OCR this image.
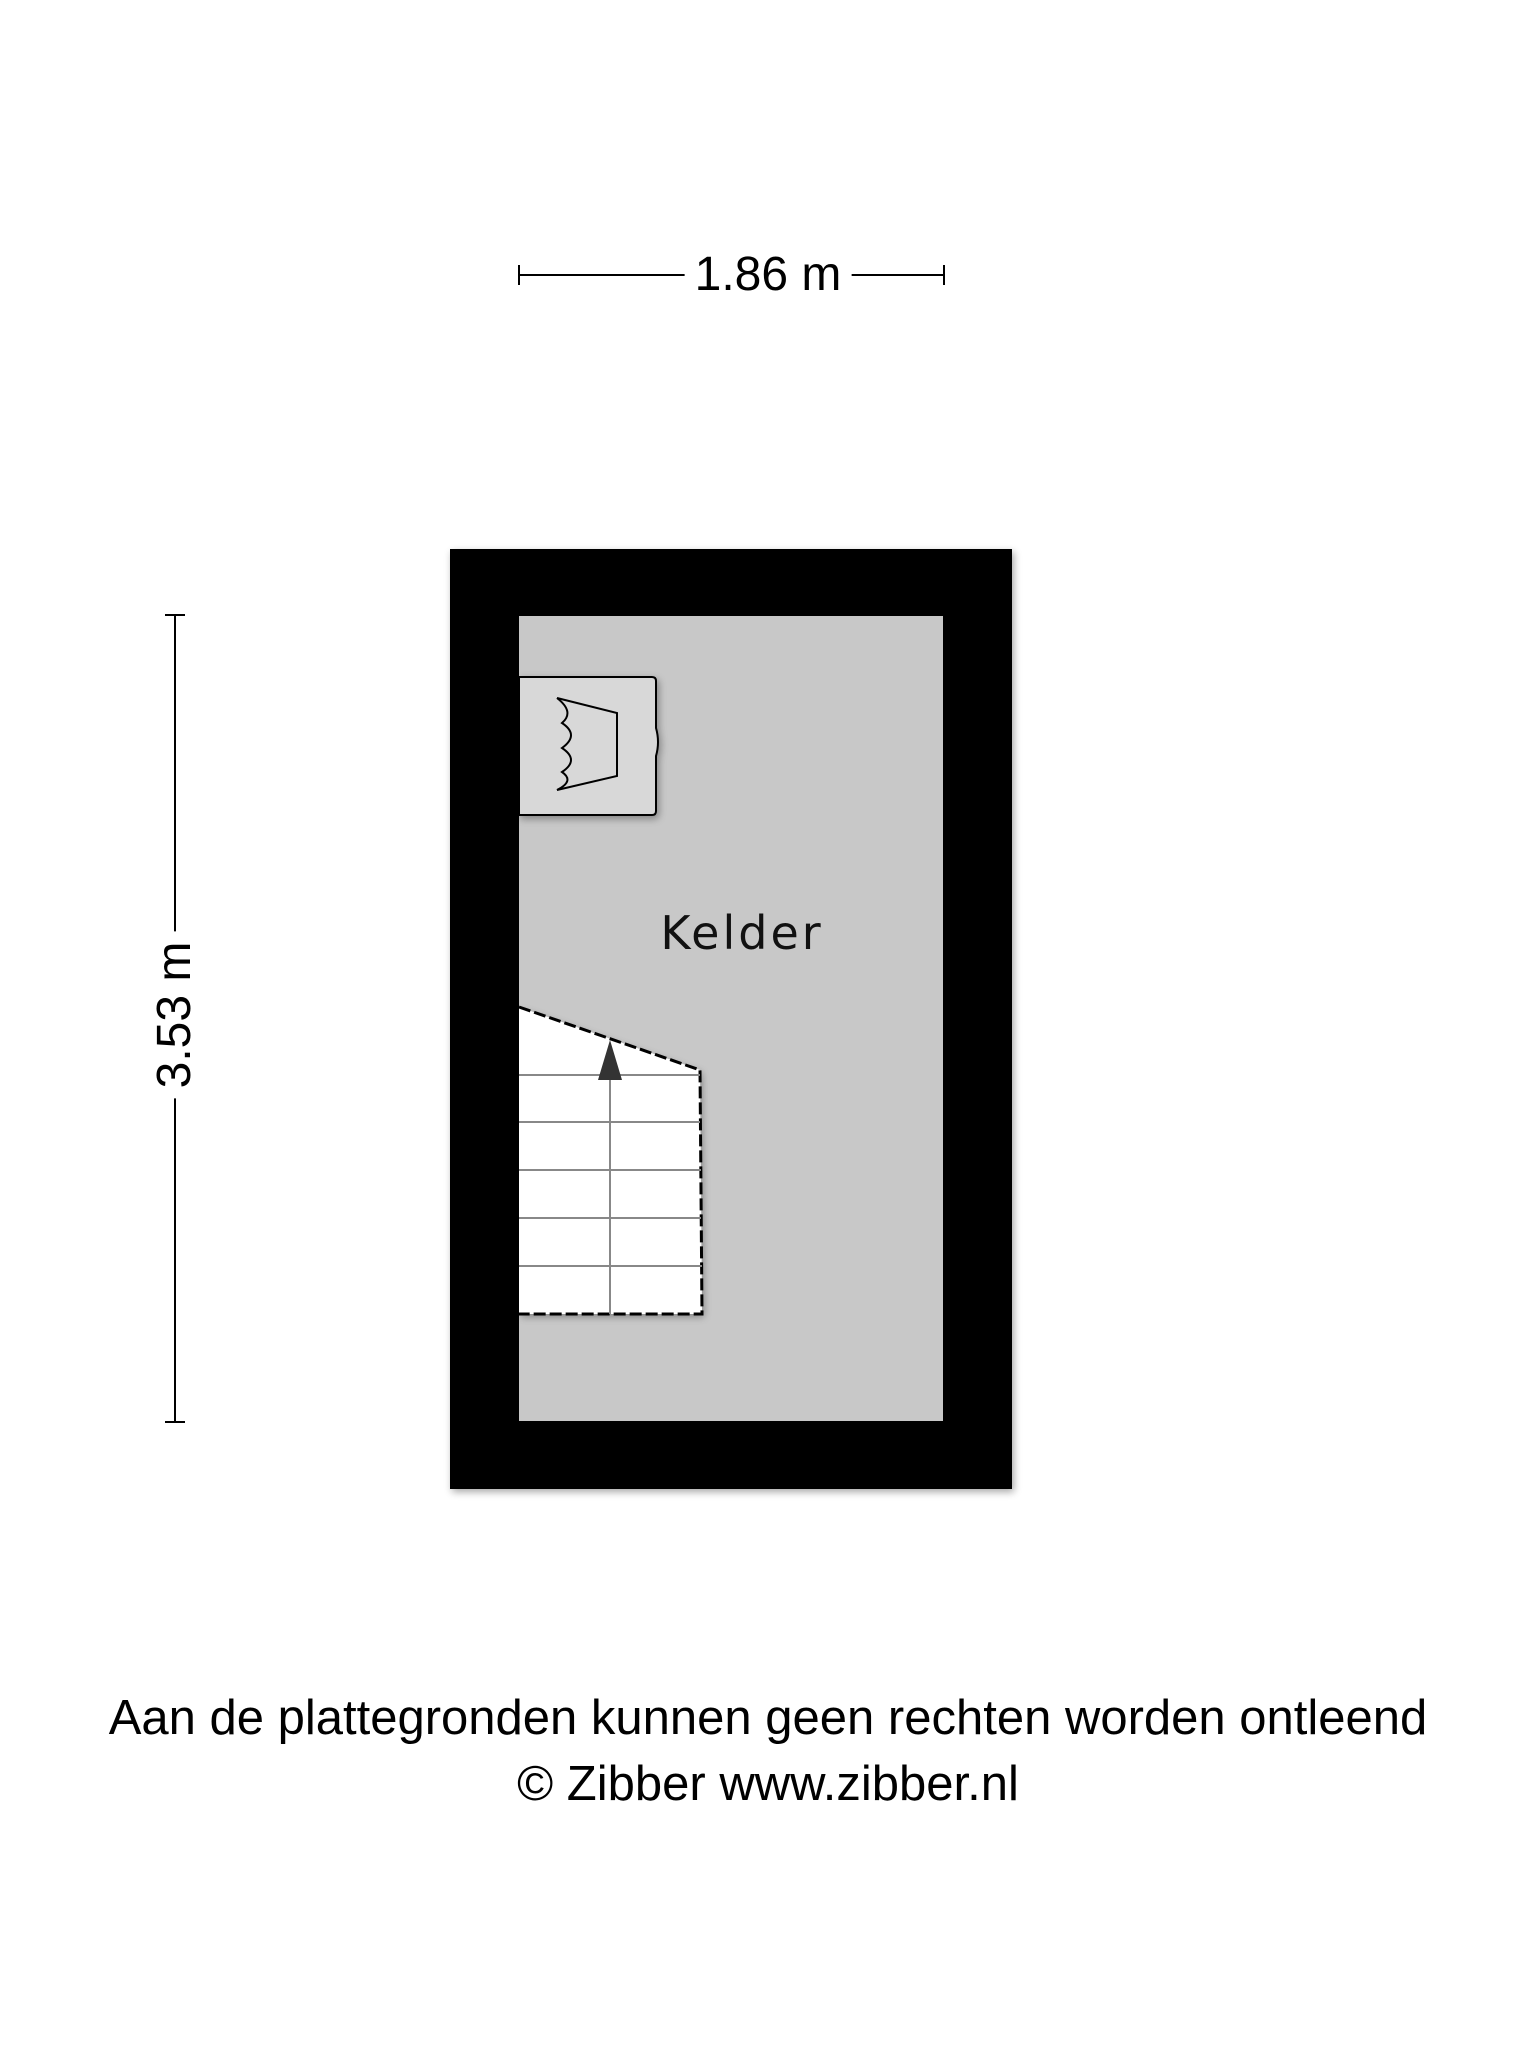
1.86 m
3.53 m
Kelder
Aan de plattegronden kunnen geen rechten worden ontleend
© Zibber www.zibber.nl
